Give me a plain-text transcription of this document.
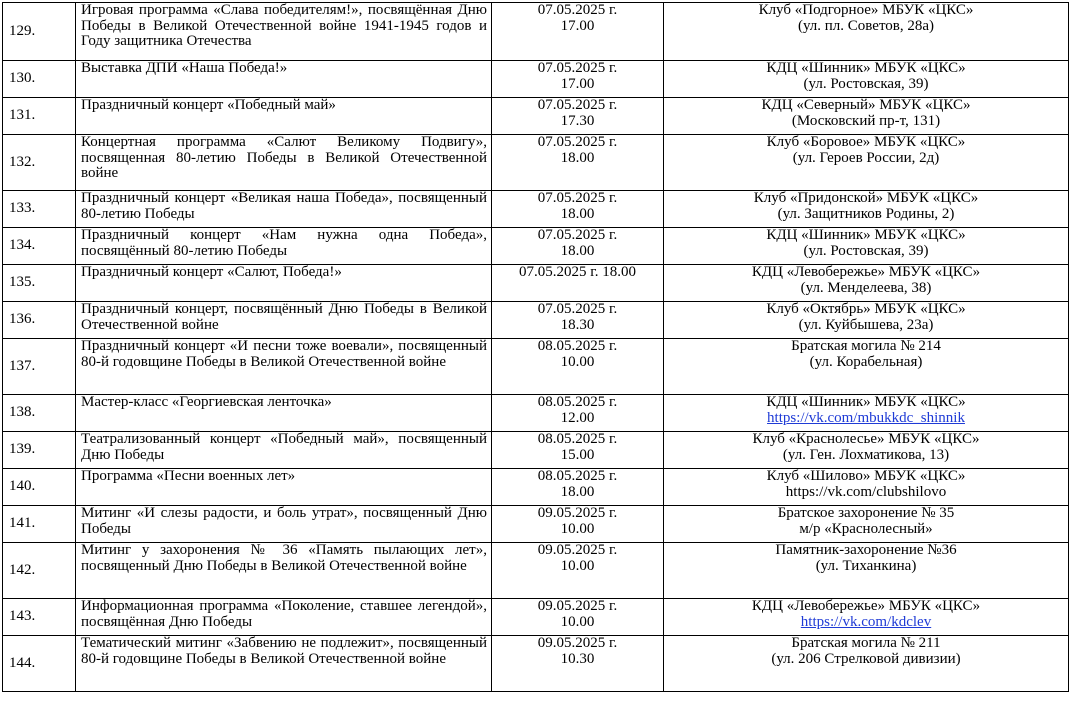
129.	Игровая программа «Слава победителям!», посвящённая Дню Победы в Великой Отечественной войне 1941-1945 годов и Году защитника Отечества	07.05.2025 г.
17.00	Клуб «Подгорное» МБУК «ЦКС»
(ул. пл. Советов, 28а)

130.	Выставка ДПИ «Наша Победа!»	07.05.2025 г.
17.00	КДЦ «Шинник» МБУК «ЦКС»
(ул. Ростовская, 39)

131.	Праздничный концерт «Победный май»	07.05.2025 г.
17.30	КДЦ «Северный» МБУК «ЦКС»
(Московский пр-т, 131)

132.	Концертная программа «Салют Великому Подвигу», посвященная 80-летию Победы в Великой Отечественной войне	07.05.2025 г.
18.00	Клуб «Боровое» МБУК «ЦКС»
(ул. Героев России, 2д)

133.	Праздничный концерт «Великая наша Победа», посвященный 80-летию Победы	07.05.2025 г.
18.00	Клуб «Придонской» МБУК «ЦКС»
(ул. Защитников Родины, 2)

134.	Праздничный концерт «Нам нужна одна Победа», посвящённый 80-летию Победы	07.05.2025 г.
18.00	КДЦ «Шинник» МБУК «ЦКС»
(ул. Ростовская, 39)

135.	Праздничный концерт «Салют, Победа!»	07.05.2025 г. 18.00	КДЦ «Левобережье» МБУК «ЦКС»
(ул. Менделеева, 38)

136.	Праздничный концерт, посвящённый Дню Победы в Великой Отечественной войне	07.05.2025 г.
18.30	Клуб «Октябрь» МБУК «ЦКС»
(ул. Куйбышева, 23а)

137.	Праздничный концерт «И песни тоже воевали», посвященный 80-й годовщине Победы в Великой Отечественной войне	08.05.2025 г.
10.00	Братская могила № 214
(ул. Корабельная)

138.	Мастер-класс «Георгиевская ленточка»	08.05.2025 г.
12.00	КДЦ «Шинник» МБУК «ЦКС»
https://vk.com/mbukkdc_shinnik

139.	Театрализованный концерт «Победный май», посвященный Дню Победы	08.05.2025 г.
15.00	Клуб «Краснолесье» МБУК «ЦКС»
(ул. Ген. Лохматикова, 13)

140.	Программа «Песни военных лет»	08.05.2025 г.
18.00	Клуб «Шилово» МБУК «ЦКС»
https://vk.com/clubshilovo

141.	Митинг «И слезы радости, и боль утрат», посвященный Дню Победы	09.05.2025 г.
10.00	Братское захоронение № 35
м/р «Краснолесный»

142.	Митинг у захоронения № 36 «Память пылающих лет», посвященный Дню Победы в Великой Отечественной войне	09.05.2025 г.
10.00	Памятник-захоронение №36
(ул. Тиханкина)

143.	Информационная программа «Поколение, ставшее легендой», посвящённая Дню Победы	09.05.2025 г.
10.00	КДЦ «Левобережье» МБУК «ЦКС»
https://vk.com/kdclev

144.	Тематический митинг «Забвению не подлежит», посвященный 80-й годовщине Победы в Великой Отечественной войне	09.05.2025 г.
10.30	Братская могила № 211
(ул. 206 Стрелковой дивизии)
